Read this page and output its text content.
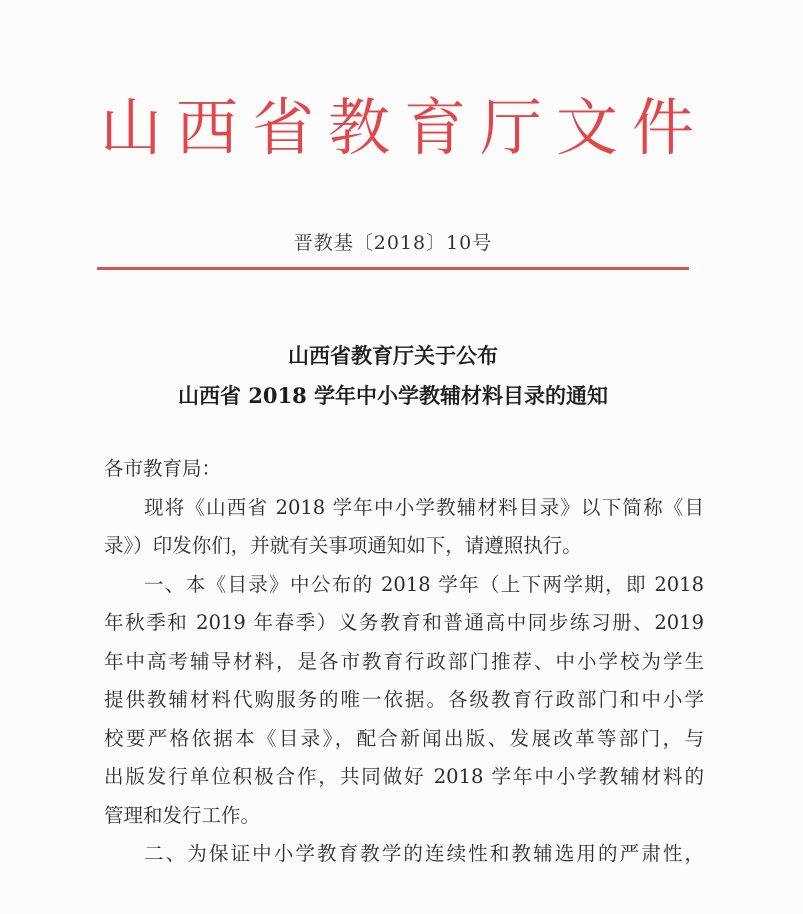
山西省教育厅文件
晋教基〔2018〕10号
山西省教育厅关于公布
山西省 2018 学年中小学教辅材料目录的通知
各市教育局：
现将《山西省 2018 学年中小学教辅材料目录》以下简称《目
录》）印发你们，并就有关事项通知如下，请遵照执行。
一、本《目录》中公布的 2018 学年（上下两学期，即 2018
年秋季和 2019 年春季）义务教育和普通高中同步练习册、2019
年中高考辅导材料，是各市教育行政部门推荐、中小学校为学生
提供教辅材料代购服务的唯一依据。各级教育行政部门和中小学
校要严格依据本《目录》，配合新闻出版、发展改革等部门，与
出版发行单位积极合作，共同做好 2018 学年中小学教辅材料的
管理和发行工作。
二、为保证中小学教育教学的连续性和教辅选用的严肃性，
